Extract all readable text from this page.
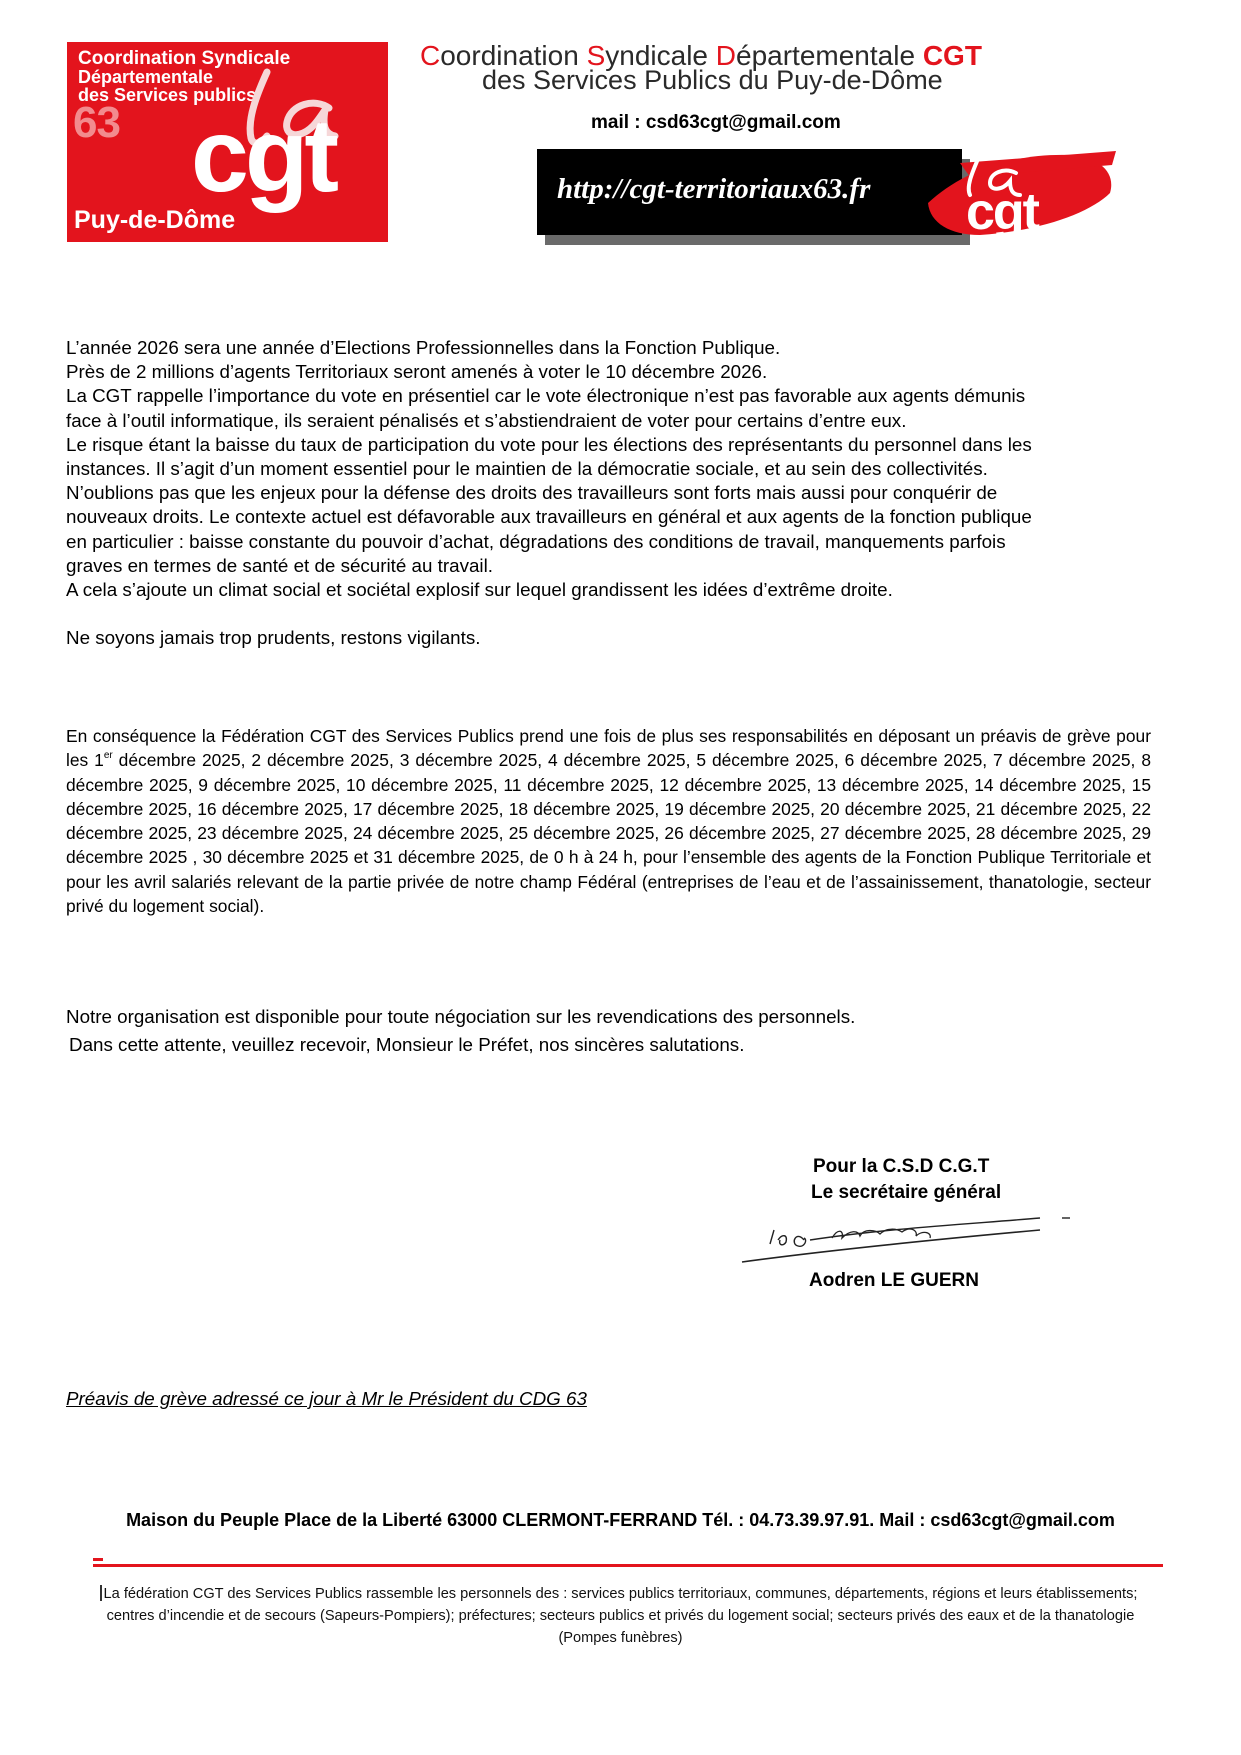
Coordination Syndicale
Départementale
des Services publics
63 cgt
Puy-de-Dôme
Coordination Syndicale Départementale CGT
des Services Publics du Puy-de-Dôme
mail : csd63cgt@gmail.com
http://cgt-territoriaux63.fr cgt

L’année 2026 sera une année d’Elections Professionnelles dans la Fonction Publique.

Près de 2 millions d’agents Territoriaux seront amenés à voter le 10 décembre 2026.

La CGT rappelle l’importance du vote en présentiel car le vote électronique n’est pas favorable aux agents démunis

face à l’outil informatique, ils seraient pénalisés et s’abstiendraient de voter pour certains d’entre eux.

Le risque étant la baisse du taux de participation du vote pour les élections des représentants du personnel dans les

instances. Il s’agit d’un moment essentiel pour le maintien de la démocratie sociale, et au sein des collectivités.

N’oublions pas que les enjeux pour la défense des droits des travailleurs sont forts mais aussi pour conquérir de

nouveaux droits. Le contexte actuel est défavorable aux travailleurs en général et aux agents de la fonction publique

en particulier : baisse constante du pouvoir d’achat, dégradations des conditions de travail, manquements parfois

graves en termes de santé et de sécurité au travail.

A cela s’ajoute un climat social et sociétal explosif sur lequel grandissent les idées d’extrême droite.

Ne soyons jamais trop prudents, restons vigilants.

En conséquence la Fédération CGT des Services Publics prend une fois de plus ses responsabilités en déposant un préavis de grève pour les 1er décembre 2025, 2 décembre 2025, 3 décembre 2025, 4 décembre 2025, 5 décembre 2025, 6 décembre 2025, 7 décembre 2025, 8 décembre 2025, 9 décembre 2025, 10 décembre 2025, 11 décembre 2025, 12 décembre 2025, 13 décembre 2025, 14 décembre 2025, 15 décembre 2025, 16 décembre 2025, 17 décembre 2025, 18 décembre 2025, 19 décembre 2025, 20 décembre 2025, 21 décembre 2025, 22 décembre 2025, 23 décembre 2025, 24 décembre 2025, 25 décembre 2025, 26 décembre 2025, 27 décembre 2025, 28 décembre 2025, 29 décembre 2025 , 30 décembre 2025 et 31 décembre 2025, de 0 h à 24 h, pour l’ensemble des agents de la Fonction Publique Territoriale et pour les avril salariés relevant de la partie privée de notre champ Fédéral (entreprises de l’eau et de l’assainissement, thanatologie, secteur privé du logement social).
Notre organisation est disponible pour toute négociation sur les revendications des personnels.
Dans cette attente, veuillez recevoir, Monsieur le Préfet, nos sincères salutations.
Pour la C.S.D C.G.T
Le secrétaire général
Aodren LE GUERN
Préavis de grève adressé ce jour à Mr le Président du CDG 63
Maison du Peuple Place de la Liberté 63000 CLERMONT-FERRAND Tél. : 04.73.39.97.91. Mail : csd63cgt@gmail.com
La fédération CGT des Services Publics rassemble les personnels des : services publics territoriaux, communes, départements, régions et leurs établissements;
centres d’incendie et de secours (Sapeurs-Pompiers); préfectures; secteurs publics et privés du logement social; secteurs privés des eaux et de la thanatologie
(Pompes funèbres)
